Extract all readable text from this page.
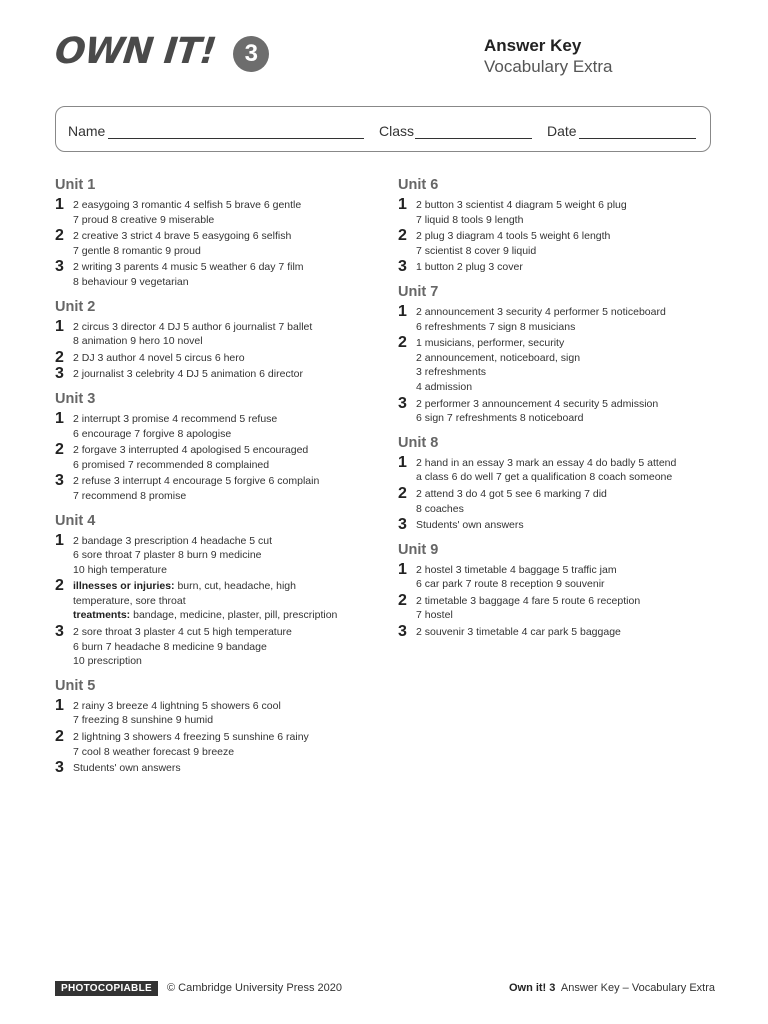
OWN IT!	3	Answer Key
Vocabulary Extra
Name	Class	Date
Unit 1
1 2 easygoing 3 romantic 4 selfish 5 brave 6 gentle
7 proud 8 creative 9 miserable
2 2 creative 3 strict 4 brave 5 easygoing 6 selfish
7 gentle 8 romantic 9 proud
3 2 writing 3 parents 4 music 5 weather 6 day 7 film
8 behaviour 9 vegetarian
Unit 2
1 2 circus 3 director 4 DJ 5 author 6 journalist 7 ballet
8 animation 9 hero 10 novel
2 2 DJ 3 author 4 novel 5 circus 6 hero
3 2 journalist 3 celebrity 4 DJ 5 animation 6 director
Unit 3
1 2 interrupt 3 promise 4 recommend 5 refuse
6 encourage 7 forgive 8 apologise
2 2 forgave 3 interrupted 4 apologised 5 encouraged
6 promised 7 recommended 8 complained
3 2 refuse 3 interrupt 4 encourage 5 forgive 6 complain
7 recommend 8 promise
Unit 4
1 2 bandage 3 prescription 4 headache 5 cut
6 sore throat 7 plaster 8 burn 9 medicine
10 high temperature
2 illnesses or injuries: burn, cut, headache, high
temperature, sore throat
treatments: bandage, medicine, plaster, pill, prescription
3 2 sore throat 3 plaster 4 cut 5 high temperature
6 burn 7 headache 8 medicine 9 bandage
10 prescription
Unit 5
1 2 rainy 3 breeze 4 lightning 5 showers 6 cool
7 freezing 8 sunshine 9 humid
2 2 lightning 3 showers 4 freezing 5 sunshine 6 rainy
7 cool 8 weather forecast 9 breeze
3 Students' own answers
Unit 6
1 2 button 3 scientist 4 diagram 5 weight 6 plug
7 liquid 8 tools 9 length
2 2 plug 3 diagram 4 tools 5 weight 6 length
7 scientist 8 cover 9 liquid
3 1 button 2 plug 3 cover
Unit 7
1 2 announcement 3 security 4 performer 5 noticeboard
6 refreshments 7 sign 8 musicians
2 1 musicians, performer, security
2 announcement, noticeboard, sign
3 refreshments
4 admission
3 2 performer 3 announcement 4 security 5 admission
6 sign 7 refreshments 8 noticeboard
Unit 8
1 2 hand in an essay 3 mark an essay 4 do badly 5 attend
a class 6 do well 7 get a qualification 8 coach someone
2 2 attend 3 do 4 got 5 see 6 marking 7 did
8 coaches
3 Students' own answers
Unit 9
1 2 hostel 3 timetable 4 baggage 5 traffic jam
6 car park 7 route 8 reception 9 souvenir
2 2 timetable 3 baggage 4 fare 5 route 6 reception
7 hostel
3 2 souvenir 3 timetable 4 car park 5 baggage
PHOTOCOPIABLE	© Cambridge University Press 2020	Own it! 3 Answer Key – Vocabulary Extra
